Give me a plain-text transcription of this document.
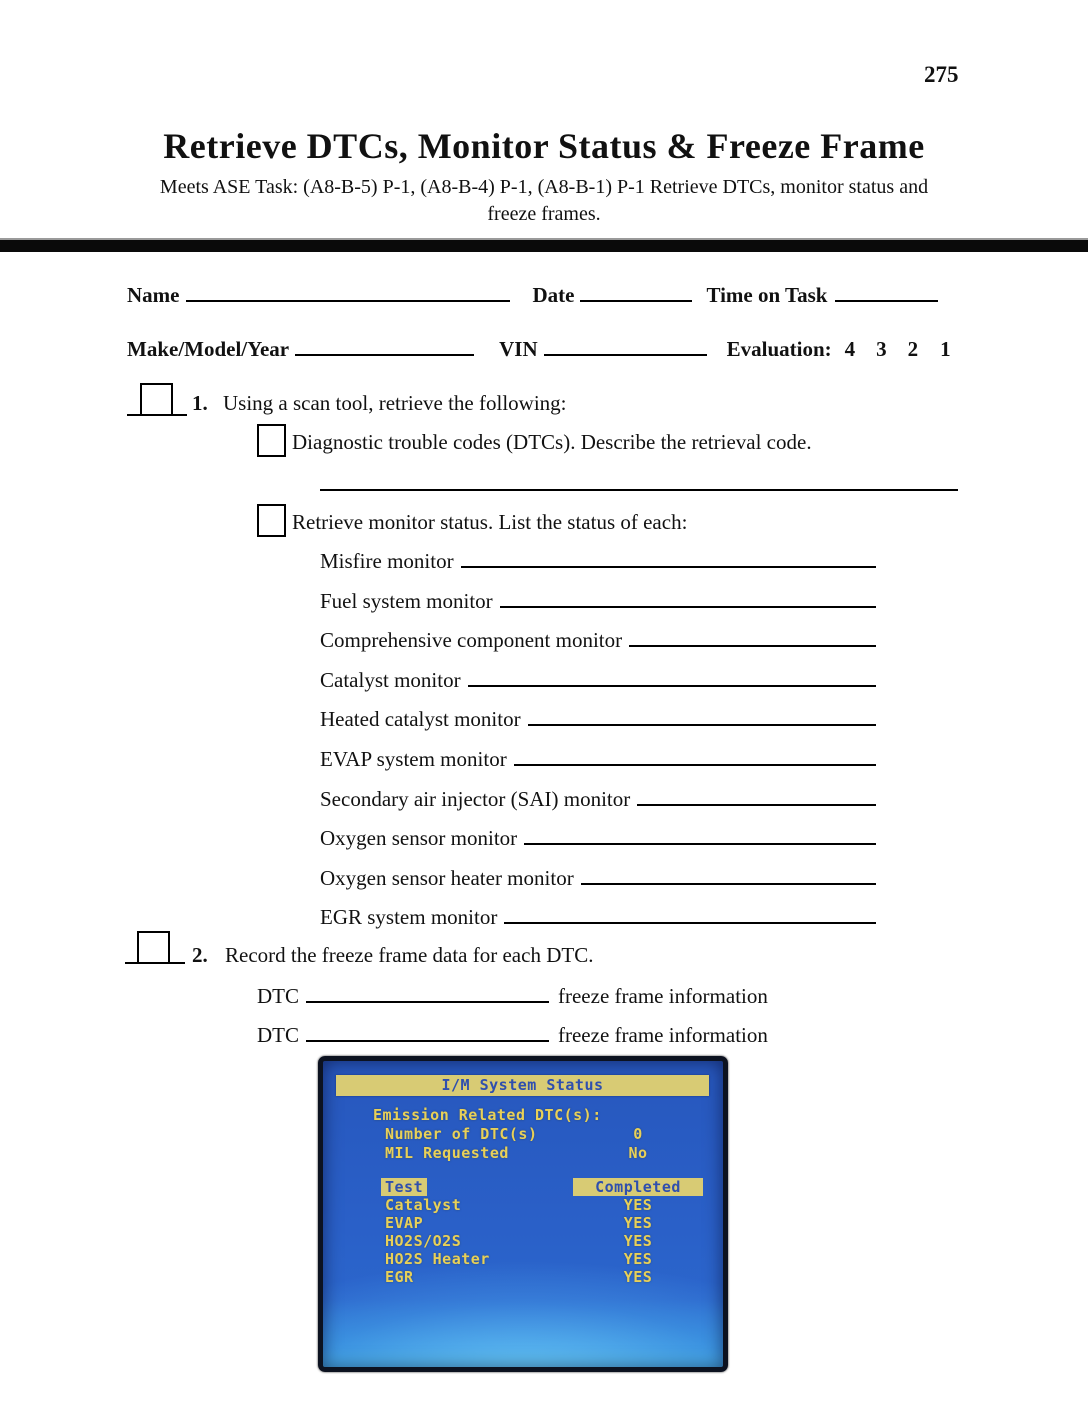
275
Retrieve DTCs, Monitor Status & Freeze Frame
Meets ASE Task: (A8-B-5) P-1, (A8-B-4) P-1, (A8-B-1) P-1 Retrieve DTCs, monitor status and
freeze frames.
Name	Date	Time on Task
Make/Model/Year	VIN	Evaluation: 4 3 2 1
1. Using a scan tool, retrieve the following:
Diagnostic trouble codes (DTCs). Describe the retrieval code.
Retrieve monitor status. List the status of each:
Misfire monitor
Fuel system monitor
Comprehensive component monitor
Catalyst monitor
Heated catalyst monitor
EVAP system monitor
Secondary air injector (SAI) monitor
Oxygen sensor monitor
Oxygen sensor heater monitor
EGR system monitor
2. Record the freeze frame data for each DTC.
DTC	freeze frame information
DTC	freeze frame information
I/M System Status
Emission Related DTC(s):
Number of DTC(s)	0
MIL Requested	No
Test	Completed
Catalyst	YES
EVAP	YES
HO2S/O2S	YES
HO2S Heater	YES
EGR	YES
